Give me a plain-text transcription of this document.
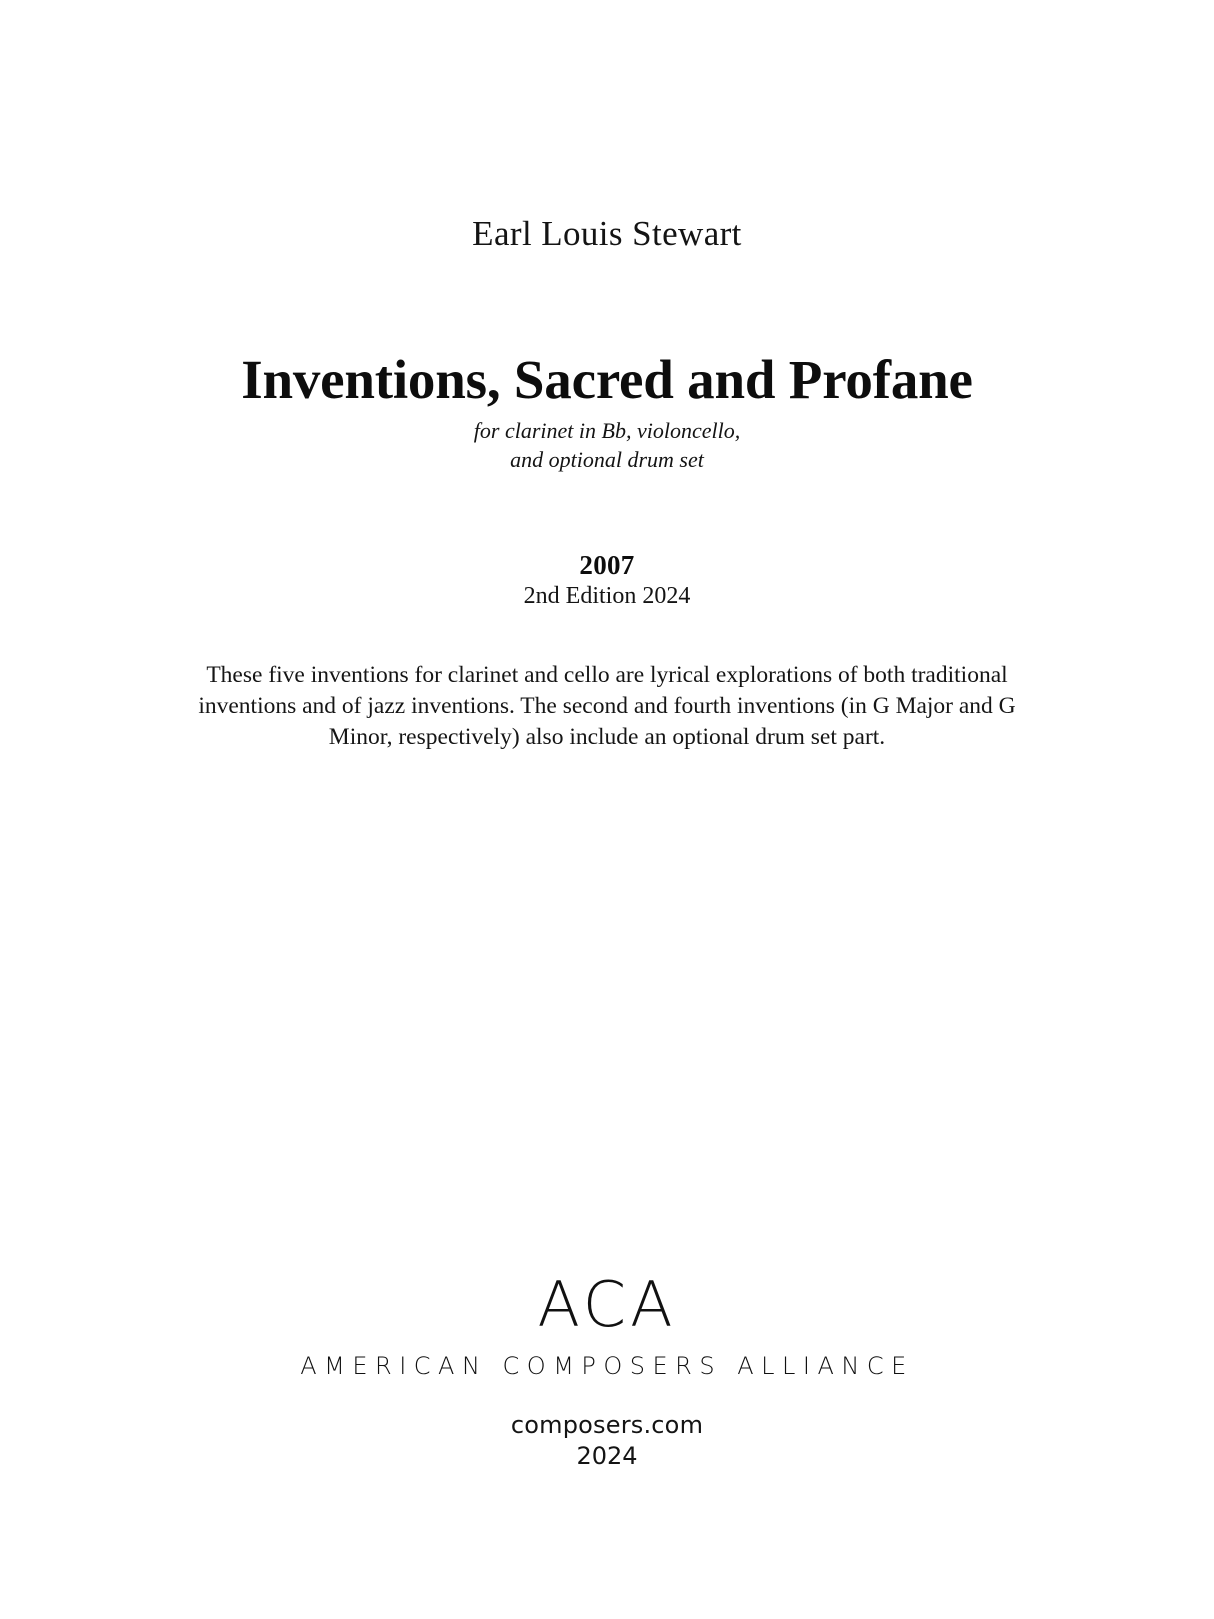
Earl Louis Stewart
Inventions, Sacred and Profane
for clarinet in Bb, violoncello,
and optional drum set
2007
2nd Edition 2024
These five inventions for clarinet and cello are lyrical explorations of both traditional inventions and of jazz inventions. The second and fourth inventions (in G Major and G Minor, respectively) also include an optional drum set part.
ACA
AMERICAN COMPOSERS ALLIANCE
composers.com
2024
